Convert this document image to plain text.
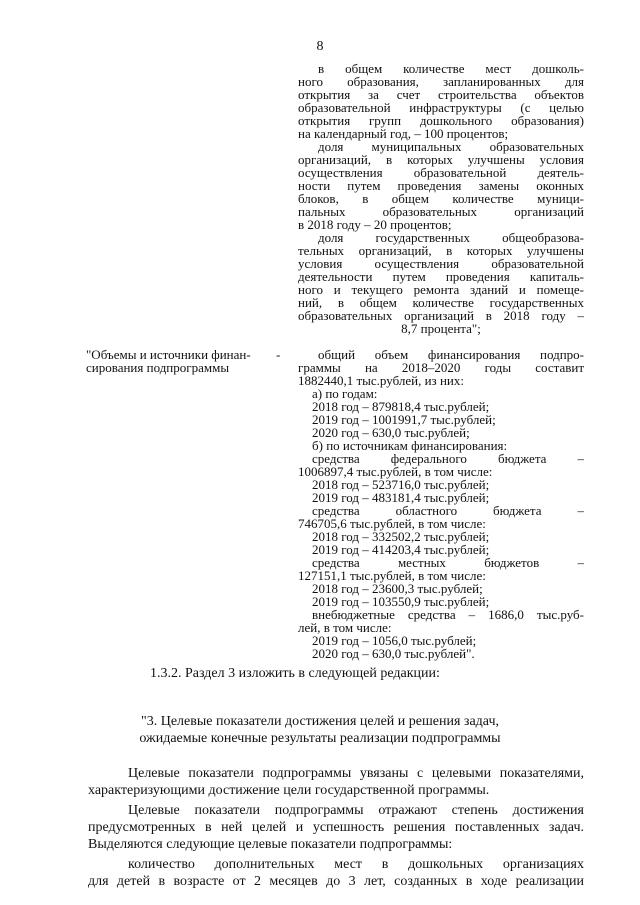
8
в общем количестве мест дошколь-
ного образования, запланированных для
открытия за счет строительства объектов
образовательной инфраструктуры (с целью
открытия групп дошкольного образования)
на календарный год, – 100 процентов;
доля муниципальных образовательных
организаций, в которых улучшены условия
осуществления образовательной деятель-
ности путем проведения замены оконных
блоков, в общем количестве муници-
пальных образовательных организаций
в 2018 году – 20 процентов;
доля государственных общеобразова-
тельных организаций, в которых улучшены
условия осуществления образовательной
деятельности путем проведения капиталь-
ного и текущего ремонта зданий и помеще-
ний, в общем количестве государственных
образовательных организаций в 2018 году –
8,7 процента";
"Объемы и источники финан-
сирования подпрограммы
-	общий объем финансирования подпро-
граммы на 2018–2020 годы составит
1882440,1 тыс.рублей, из них:
а) по годам:
2018 год – 879818,4 тыс.рублей;
2019 год – 1001991,7 тыс.рублей;
2020 год – 630,0 тыс.рублей;
б) по источникам финансирования:
средства федерального бюджета –
1006897,4 тыс.рублей, в том числе:
2018 год – 523716,0 тыс.рублей;
2019 год – 483181,4 тыс.рублей;
средства областного бюджета –
746705,6 тыс.рублей, в том числе:
2018 год – 332502,2 тыс.рублей;
2019 год – 414203,4 тыс.рублей;
средства местных бюджетов –
127151,1 тыс.рублей, в том числе:
2018 год – 23600,3 тыс.рублей;
2019 год – 103550,9 тыс.рублей;
внебюджетные средства – 1686,0 тыс.руб-
лей, в том числе:
2019 год – 1056,0 тыс.рублей;
2020 год – 630,0 тыс.рублей".
1.3.2. Раздел 3 изложить в следующей редакции:
"3. Целевые показатели достижения целей и решения задач,
ожидаемые конечные результаты реализации подпрограммы
Целевые показатели подпрограммы увязаны с целевыми показателями,
характеризующими достижение цели государственной программы.
Целевые показатели подпрограммы отражают степень достижения
предусмотренных в ней целей и успешность решения поставленных задач.
Выделяются следующие целевые показатели подпрограммы:
количество дополнительных мест в дошкольных организациях
для детей в возрасте от 2 месяцев до 3 лет, созданных в ходе реализации
